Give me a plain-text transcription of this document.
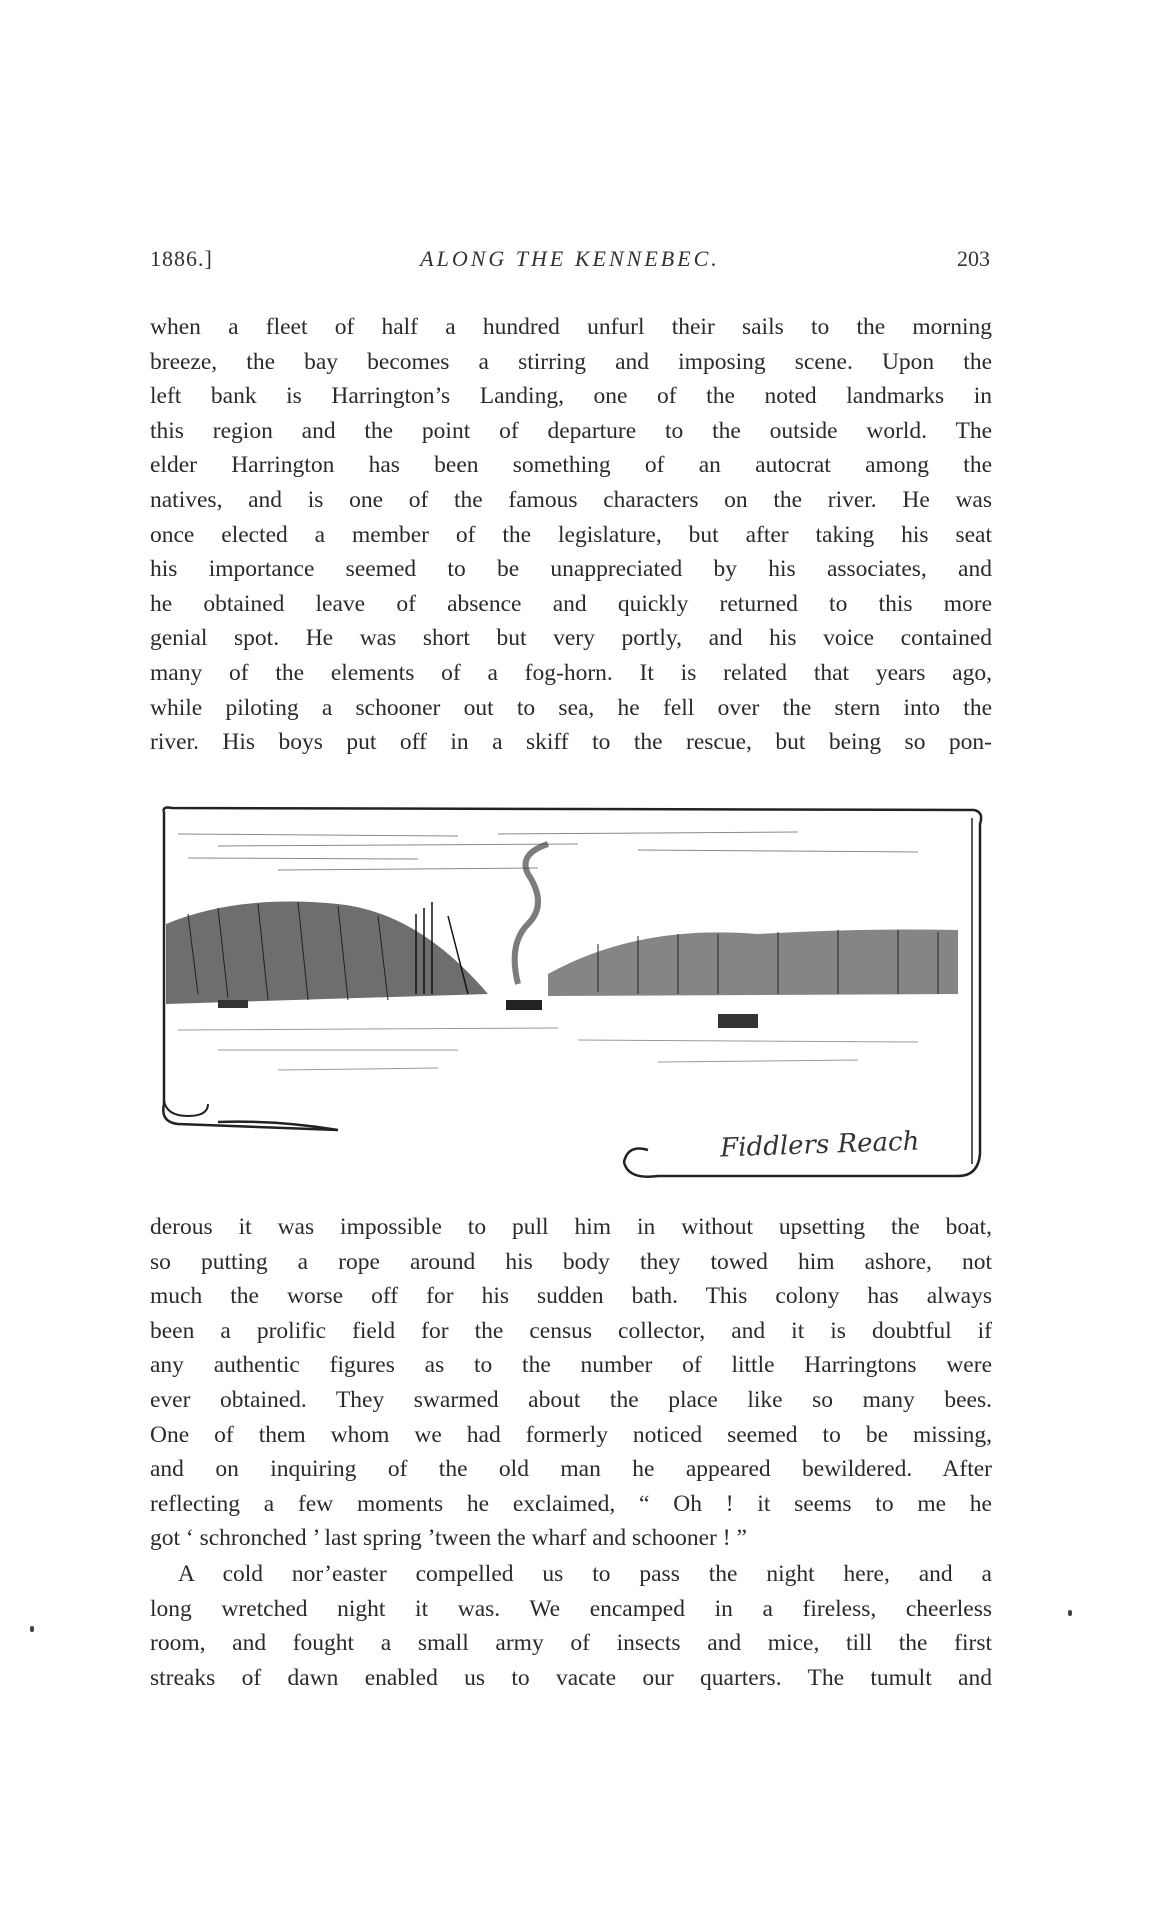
1886.]	ALONG THE KENNEBEC.	203
when a fleet of half a hundred unfurl their sails to the morning
breeze, the bay becomes a stirring and imposing scene. Upon the
left bank is Harrington’s Landing, one of the noted landmarks in
this region and the point of departure to the outside world. The
elder Harrington has been something of an autocrat among the
natives, and is one of the famous characters on the river. He was
once elected a member of the legislature, but after taking his seat
his importance seemed to be unappreciated by his associates, and
he obtained leave of absence and quickly returned to this more
genial spot. He was short but very portly, and his voice contained
many of the elements of a fog-horn. It is related that years ago,
while piloting a schooner out to sea, he fell over the stern into the
river. His boys put off in a skiff to the rescue, but being so pon-
Fiddlers Reach
derous it was impossible to pull him in without upsetting the boat,
so putting a rope around his body they towed him ashore, not
much the worse off for his sudden bath. This colony has always
been a prolific field for the census collector, and it is doubtful if
any authentic figures as to the number of little Harringtons were
ever obtained. They swarmed about the place like so many bees.
One of them whom we had formerly noticed seemed to be missing,
and on inquiring of the old man he appeared bewildered. After
reflecting a few moments he exclaimed, “ Oh ! it seems to me he
got ‘ schronched ’ last spring ’tween the wharf and schooner ! ”
A cold nor’easter compelled us to pass the night here, and a
long wretched night it was. We encamped in a fireless, cheerless
room, and fought a small army of insects and mice, till the first
streaks of dawn enabled us to vacate our quarters. The tumult and
